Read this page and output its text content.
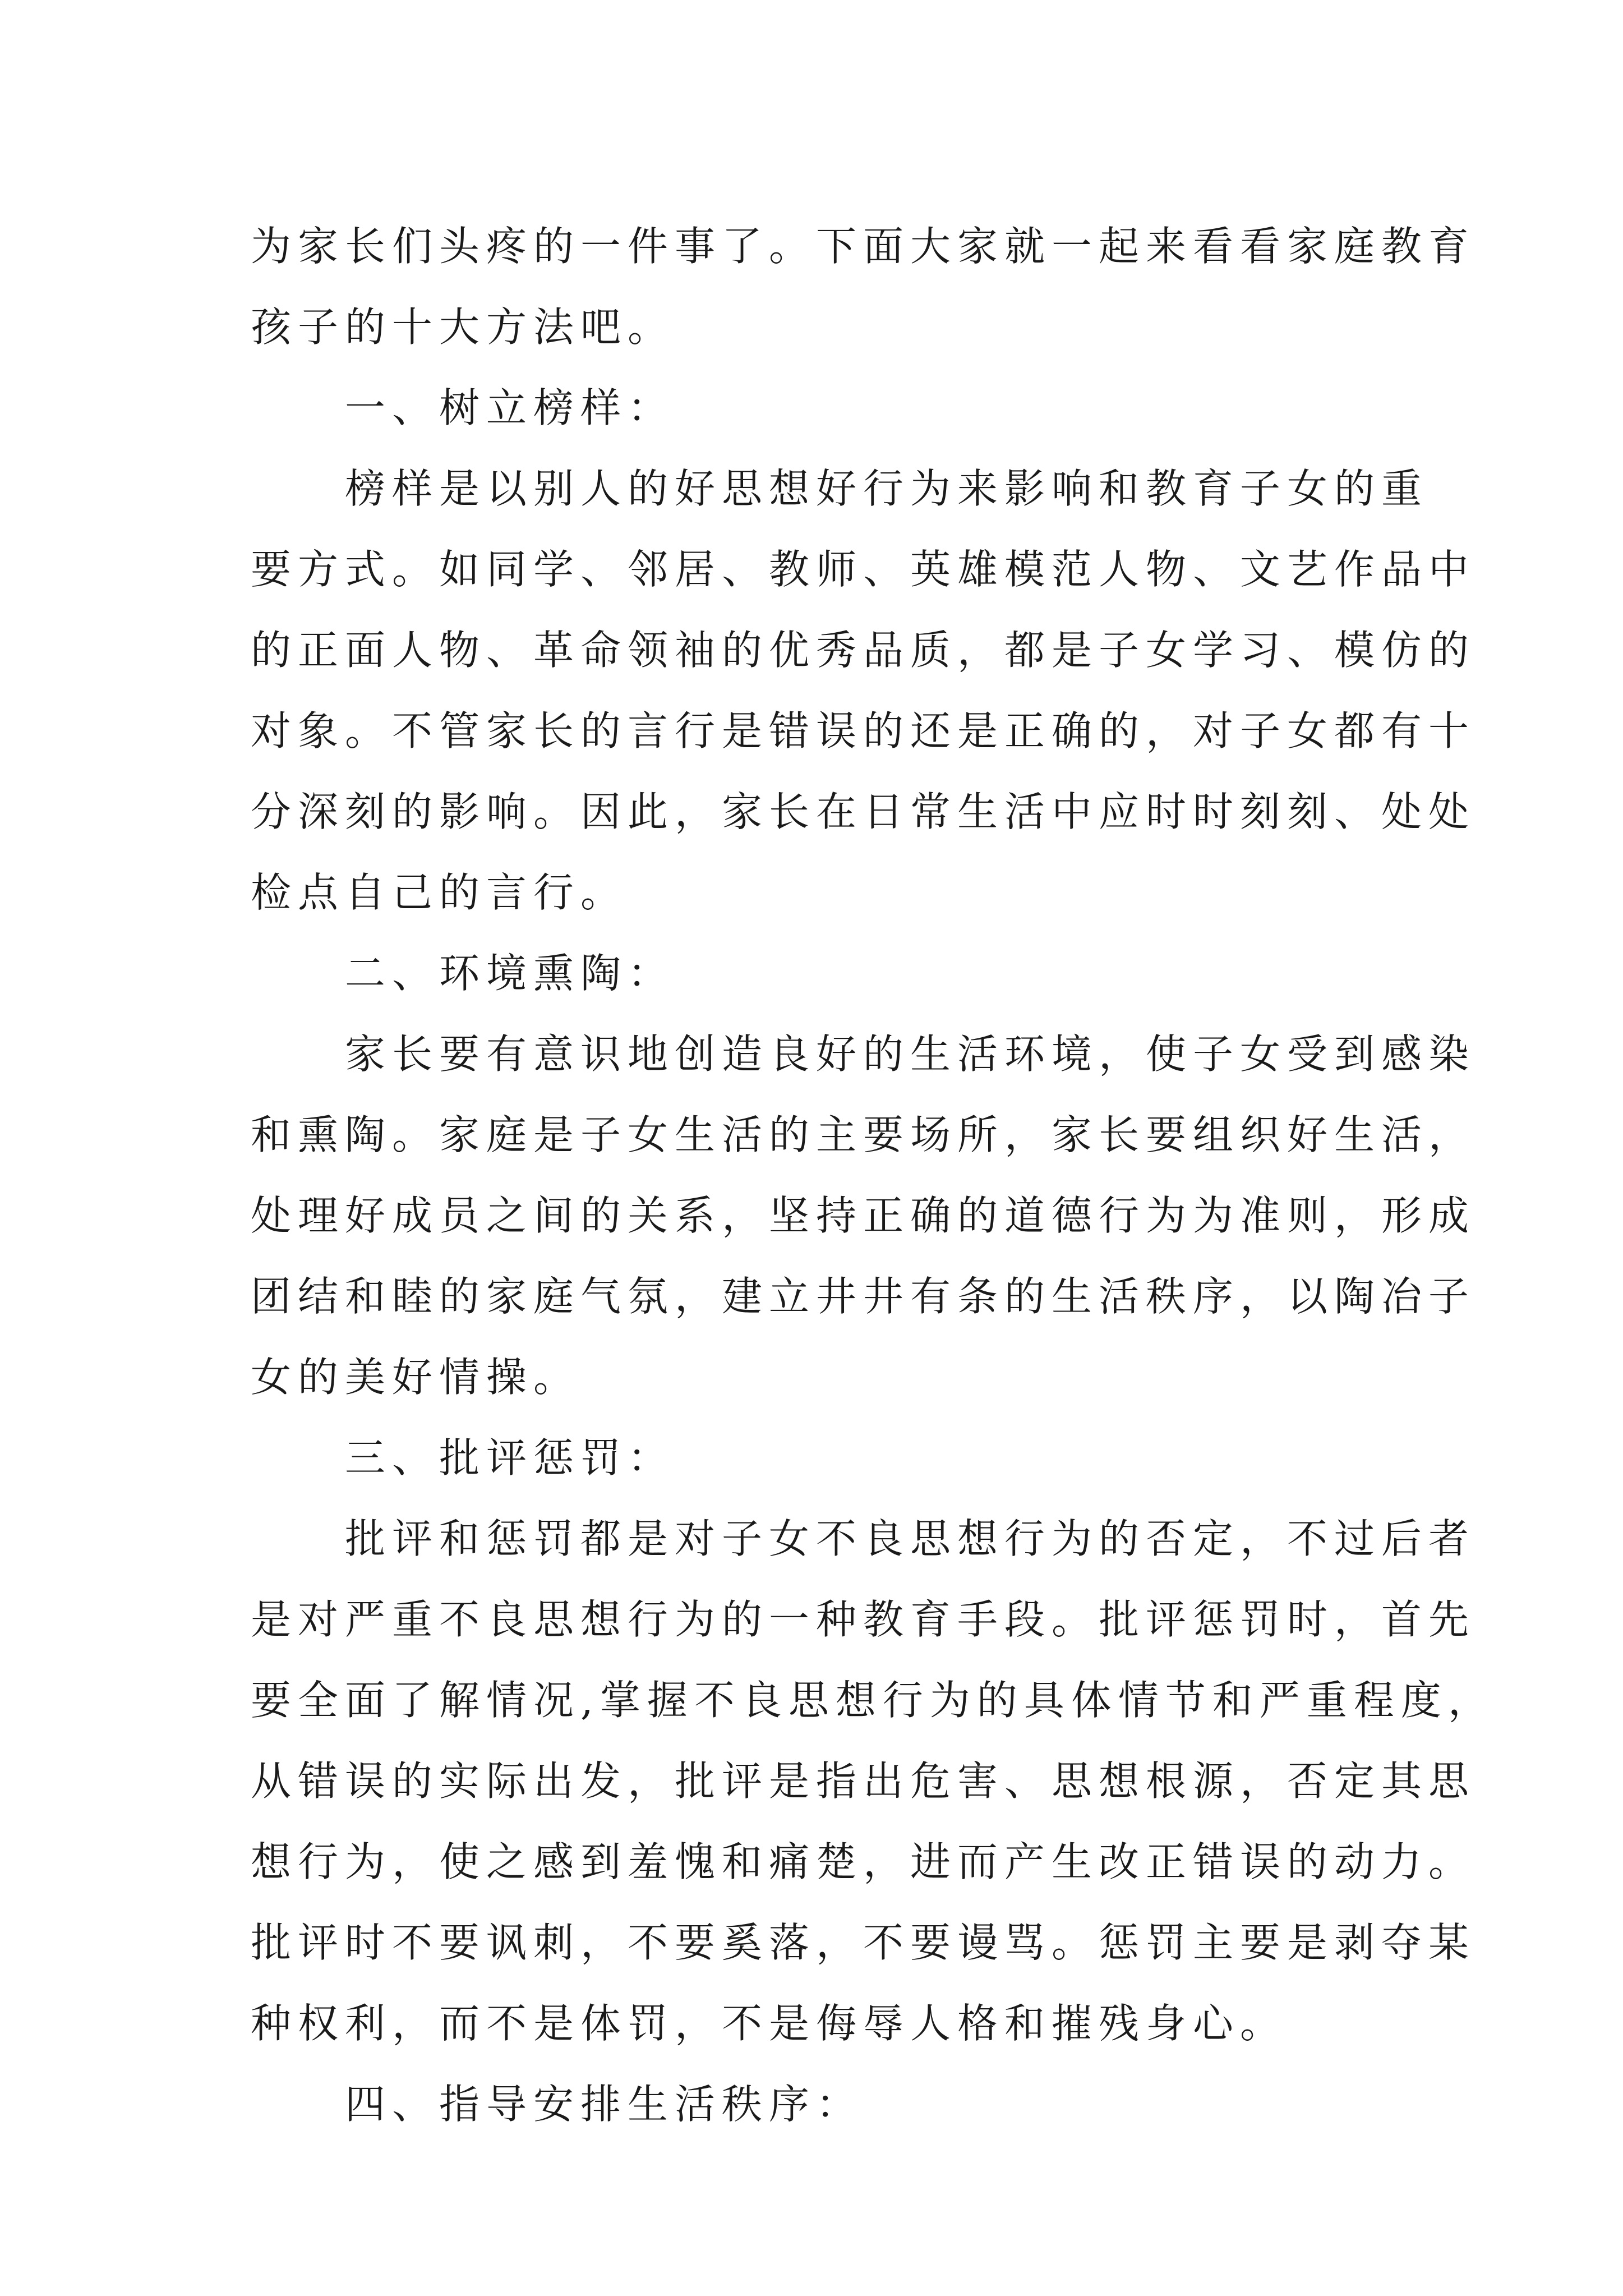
为家长们头疼的一件事了。下面大家就一起来看看家庭教育
孩子的十大方法吧。
一、树立榜样：
榜样是以别人的好思想好行为来影响和教育子女的重
要方式。如同学、邻居、教师、英雄模范人物、文艺作品中
的正面人物、革命领袖的优秀品质，都是子女学习、模仿的
对象。不管家长的言行是错误的还是正确的，对子女都有十
分深刻的影响。因此，家长在日常生活中应时时刻刻、处处
检点自己的言行。
二、环境熏陶：
家长要有意识地创造良好的生活环境，使子女受到感染
和熏陶。家庭是子女生活的主要场所，家长要组织好生活，
处理好成员之间的关系，坚持正确的道德行为为准则，形成
团结和睦的家庭气氛，建立井井有条的生活秩序，以陶冶子
女的美好情操。
三、批评惩罚：
批评和惩罚都是对子女不良思想行为的否定，不过后者
是对严重不良思想行为的一种教育手段。批评惩罚时，首先
要全面了解情况,掌握不良思想行为的具体情节和严重程度，
从错误的实际出发，批评是指出危害、思想根源，否定其思
想行为，使之感到羞愧和痛楚，进而产生改正错误的动力。
批评时不要讽刺，不要奚落，不要谩骂。惩罚主要是剥夺某
种权利，而不是体罚，不是侮辱人格和摧残身心。
四、指导安排生活秩序：
